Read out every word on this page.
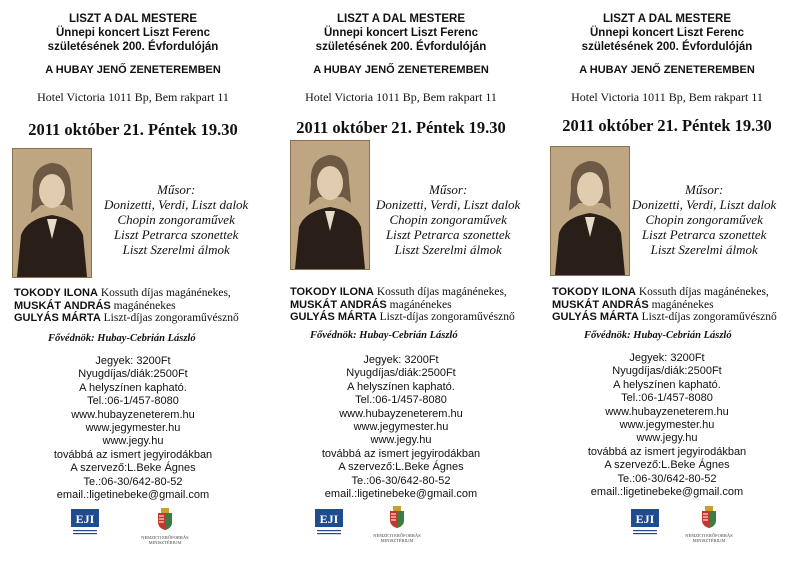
LISZT A DAL MESTERE
Ünnepi koncert Liszt Ferenc
születésének 200. Évfordulóján
A HUBAY JENŐ ZENETEREMBEN
Hotel Victoria 1011 Bp, Bem rakpart 11
2011 október 21. Péntek 19.30
Műsor:
Donizetti, Verdi, Liszt dalok
Chopin zongoraművek
Liszt Petrarca szonettek
Liszt Szerelmi álmok
TOKODY ILONA Kossuth díjas magánénekes,
MUSKÁT ANDRÁS magánénekes
GULYÁS MÁRTA Liszt-díjas zongoraművésznő
Fővédnök: Hubay-Cebrián László
Jegyek: 3200Ft
Nyugdíjas/diák:2500Ft
A helyszínen kapható.
Tel.:06-1/457-8080
www.hubayzeneterem.hu
www.jegymester.hu
www.jegy.hu
továbbá az ismert jegyirodákban
A szervező:L.Beke Ágnes
Te.:06-30/642-80-52
email.:ligetinebeke@gmail.com
EJI
NEMZETI ERŐFORRÁS
MINISZTÉRIUM
LISZT A DAL MESTERE
Ünnepi koncert Liszt Ferenc
születésének 200. Évfordulóján
A HUBAY JENŐ ZENETEREMBEN
Hotel Victoria 1011 Bp, Bem rakpart 11
2011 október 21. Péntek 19.30
Műsor:
Donizetti, Verdi, Liszt dalok
Chopin zongoraművek
Liszt Petrarca szonettek
Liszt Szerelmi álmok
TOKODY ILONA Kossuth díjas magánénekes,
MUSKÁT ANDRÁS magánénekes
GULYÁS MÁRTA Liszt-díjas zongoraművésznő
Fővédnök: Hubay-Cebrián László
Jegyek: 3200Ft
Nyugdíjas/diák:2500Ft
A helyszínen kapható.
Tel.:06-1/457-8080
www.hubayzeneterem.hu
www.jegymester.hu
www.jegy.hu
továbbá az ismert jegyirodákban
A szervező:L.Beke Ágnes
Te.:06-30/642-80-52
email.:ligetinebeke@gmail.com
EJI
NEMZETI ERŐFORRÁS
MINISZTÉRIUM
LISZT A DAL MESTERE
Ünnepi koncert Liszt Ferenc
születésének 200. Évfordulóján
A HUBAY JENŐ ZENETEREMBEN
Hotel Victoria 1011 Bp, Bem rakpart 11
2011 október 21. Péntek 19.30
Műsor:
Donizetti, Verdi, Liszt dalok
Chopin zongoraművek
Liszt Petrarca szonettek
Liszt Szerelmi álmok
TOKODY ILONA Kossuth díjas magánénekes,
MUSKÁT ANDRÁS magánénekes
GULYÁS MÁRTA Liszt-díjas zongoraművésznő
Fővédnök: Hubay-Cebrián László
Jegyek: 3200Ft
Nyugdíjas/diák:2500Ft
A helyszínen kapható.
Tel.:06-1/457-8080
www.hubayzeneterem.hu
www.jegymester.hu
www.jegy.hu
továbbá az ismert jegyirodákban
A szervező:L.Beke Ágnes
Te.:06-30/642-80-52
email.:ligetinebeke@gmail.com
EJI
NEMZETI ERŐFORRÁS
MINISZTÉRIUM
